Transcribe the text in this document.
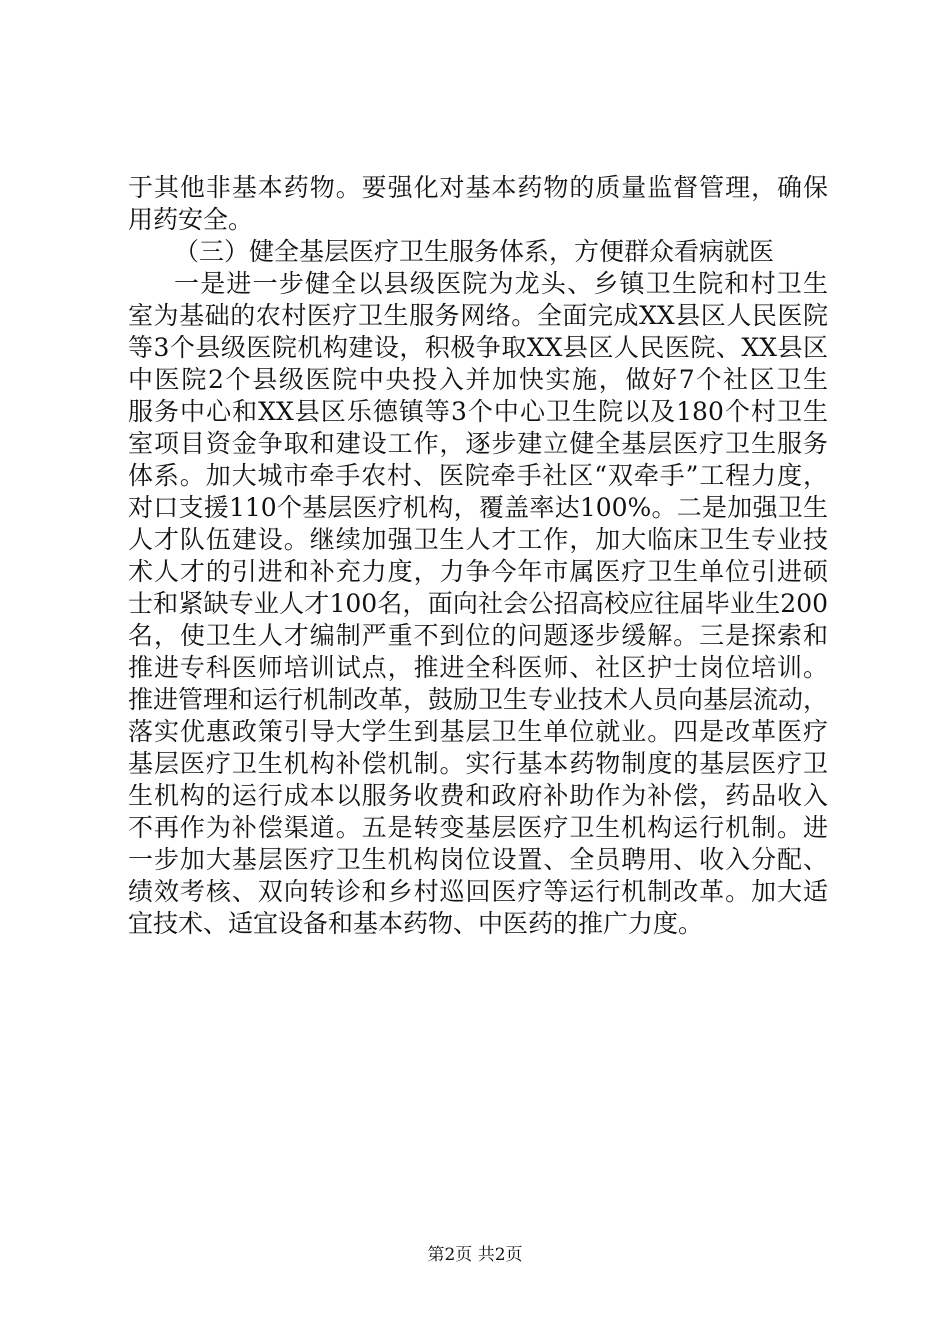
于其他非基本药物。要强化对基本药物的质量监督管理，确保
用药安全。
（三）健全基层医疗卫生服务体系，方便群众看病就医
一是进一步健全以县级医院为龙头、乡镇卫生院和村卫生
室为基础的农村医疗卫生服务网络。全面完成XX县区人民医院
等3个县级医院机构建设，积极争取XX县区人民医院、XX县区
中医院2个县级医院中央投入并加快实施，做好7个社区卫生
服务中心和XX县区乐德镇等3个中心卫生院以及180个村卫生
室项目资金争取和建设工作，逐步建立健全基层医疗卫生服务
体系。加大城市牵手农村、医院牵手社区“双牵手”工程力度，
对口支援110个基层医疗机构，覆盖率达100%。二是加强卫生
人才队伍建设。继续加强卫生人才工作，加大临床卫生专业技
术人才的引进和补充力度，力争今年市属医疗卫生单位引进硕
士和紧缺专业人才100名，面向社会公招高校应往届毕业生200
名，使卫生人才编制严重不到位的问题逐步缓解。三是探索和
推进专科医师培训试点，推进全科医师、社区护士岗位培训。
推进管理和运行机制改革，鼓励卫生专业技术人员向基层流动，
落实优惠政策引导大学生到基层卫生单位就业。四是改革医疗
基层医疗卫生机构补偿机制。实行基本药物制度的基层医疗卫
生机构的运行成本以服务收费和政府补助作为补偿，药品收入
不再作为补偿渠道。五是转变基层医疗卫生机构运行机制。进
一步加大基层医疗卫生机构岗位设置、全员聘用、收入分配、
绩效考核、双向转诊和乡村巡回医疗等运行机制改革。加大适
宜技术、适宜设备和基本药物、中医药的推广力度。
第2页 共2页
